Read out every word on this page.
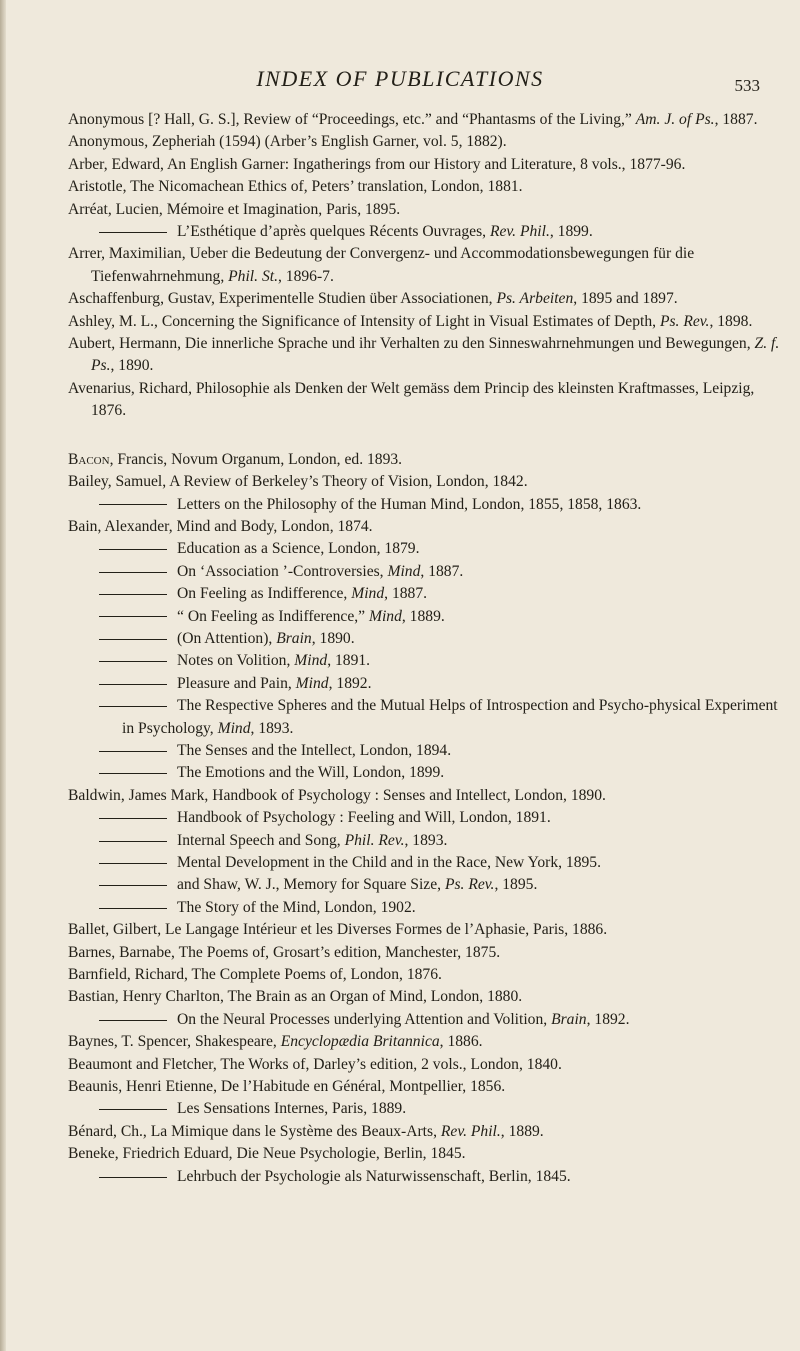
INDEX OF PUBLICATIONS	533
Anonymous [? Hall, G. S.], Review of “Proceedings, etc.” and “Phantasms of the Living,” Am. J. of Ps., 1887.
Anonymous, Zepheriah (1594) (Arber’s English Garner, vol. 5, 1882).
Arber, Edward, An English Garner: Ingatherings from our History and Literature, 8 vols., 1877-96.
Aristotle, The Nicomachean Ethics of, Peters’ translation, London, 1881.
Arréat, Lucien, Mémoire et Imagination, Paris, 1895.
L’Esthétique d’après quelques Récents Ouvrages, Rev. Phil., 1899.
Arrer, Maximilian, Ueber die Bedeutung der Convergenz- und Accommodationsbewegungen für die Tiefenwahrnehmung, Phil. St., 1896-7.
Aschaffenburg, Gustav, Experimentelle Studien über Associationen, Ps. Arbeiten, 1895 and 1897.
Ashley, M. L., Concerning the Significance of Intensity of Light in Visual Estimates of Depth, Ps. Rev., 1898.
Aubert, Hermann, Die innerliche Sprache und ihr Verhalten zu den Sinneswahrnehmungen und Bewegungen, Z. f. Ps., 1890.
Avenarius, Richard, Philosophie als Denken der Welt gemäss dem Princip des kleinsten Kraftmasses, Leipzig, 1876.
Bacon, Francis, Novum Organum, London, ed. 1893.
Bailey, Samuel, A Review of Berkeley’s Theory of Vision, London, 1842.
Letters on the Philosophy of the Human Mind, London, 1855, 1858, 1863.
Bain, Alexander, Mind and Body, London, 1874.
Education as a Science, London, 1879.
On ‘Association ’-Controversies, Mind, 1887.
On Feeling as Indifference, Mind, 1887.
“ On Feeling as Indifference,” Mind, 1889.
(On Attention), Brain, 1890.
Notes on Volition, Mind, 1891.
Pleasure and Pain, Mind, 1892.
The Respective Spheres and the Mutual Helps of Introspection and Psycho-physical Experiment in Psychology, Mind, 1893.
The Senses and the Intellect, London, 1894.
The Emotions and the Will, London, 1899.
Baldwin, James Mark, Handbook of Psychology : Senses and Intellect, London, 1890.
Handbook of Psychology : Feeling and Will, London, 1891.
Internal Speech and Song, Phil. Rev., 1893.
Mental Development in the Child and in the Race, New York, 1895.
and Shaw, W. J., Memory for Square Size, Ps. Rev., 1895.
The Story of the Mind, London, 1902.
Ballet, Gilbert, Le Langage Intérieur et les Diverses Formes de l’Aphasie, Paris, 1886.
Barnes, Barnabe, The Poems of, Grosart’s edition, Manchester, 1875.
Barnfield, Richard, The Complete Poems of, London, 1876.
Bastian, Henry Charlton, The Brain as an Organ of Mind, London, 1880.
On the Neural Processes underlying Attention and Volition, Brain, 1892.
Baynes, T. Spencer, Shakespeare, Encyclopædia Britannica, 1886.
Beaumont and Fletcher, The Works of, Darley’s edition, 2 vols., London, 1840.
Beaunis, Henri Etienne, De l’Habitude en Général, Montpellier, 1856.
Les Sensations Internes, Paris, 1889.
Bénard, Ch., La Mimique dans le Système des Beaux-Arts, Rev. Phil., 1889.
Beneke, Friedrich Eduard, Die Neue Psychologie, Berlin, 1845.
Lehrbuch der Psychologie als Naturwissenschaft, Berlin, 1845.
